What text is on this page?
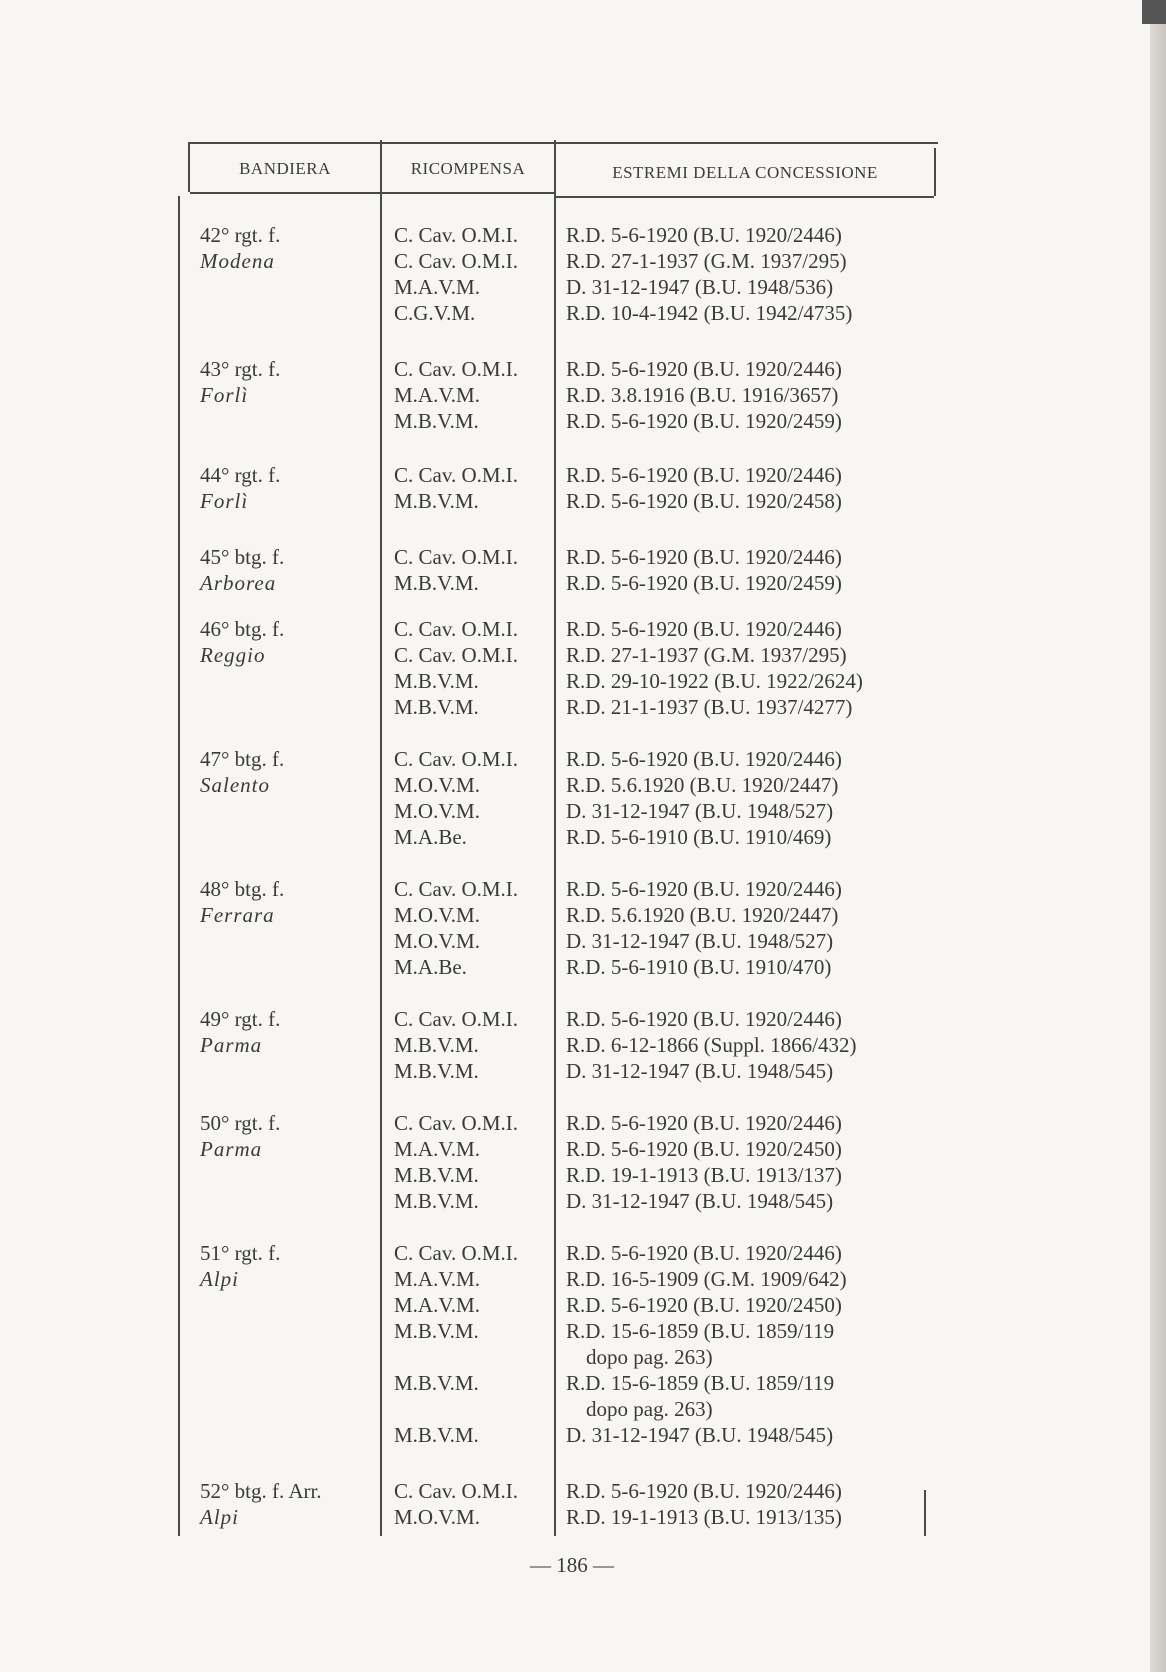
BANDIERA	RICOMPENSA	ESTREMI DELLA CONCESSIONE
42° rgt. f.
Modena
C. Cav. O.M.I.
C. Cav. O.M.I.
M.A.V.M.
C.G.V.M.
R.D. 5-6-1920 (B.U. 1920/2446)
R.D. 27-1-1937 (G.M. 1937/295)
D. 31-12-1947 (B.U. 1948/536)
R.D. 10-4-1942 (B.U. 1942/4735)
43° rgt. f.
Forlì
C. Cav. O.M.I.
M.A.V.M.
M.B.V.M.
R.D. 5-6-1920 (B.U. 1920/2446)
R.D. 3.8.1916 (B.U. 1916/3657)
R.D. 5-6-1920 (B.U. 1920/2459)
44° rgt. f.
Forlì
C. Cav. O.M.I.
M.B.V.M.
R.D. 5-6-1920 (B.U. 1920/2446)
R.D. 5-6-1920 (B.U. 1920/2458)
45° btg. f.
Arborea
C. Cav. O.M.I.
M.B.V.M.
R.D. 5-6-1920 (B.U. 1920/2446)
R.D. 5-6-1920 (B.U. 1920/2459)
46° btg. f.
Reggio
C. Cav. O.M.I.
C. Cav. O.M.I.
M.B.V.M.
M.B.V.M.
R.D. 5-6-1920 (B.U. 1920/2446)
R.D. 27-1-1937 (G.M. 1937/295)
R.D. 29-10-1922 (B.U. 1922/2624)
R.D. 21-1-1937 (B.U. 1937/4277)
47° btg. f.
Salento
C. Cav. O.M.I.
M.O.V.M.
M.O.V.M.
M.A.Be.
R.D. 5-6-1920 (B.U. 1920/2446)
R.D. 5.6.1920 (B.U. 1920/2447)
D. 31-12-1947 (B.U. 1948/527)
R.D. 5-6-1910 (B.U. 1910/469)
48° btg. f.
Ferrara
C. Cav. O.M.I.
M.O.V.M.
M.O.V.M.
M.A.Be.
R.D. 5-6-1920 (B.U. 1920/2446)
R.D. 5.6.1920 (B.U. 1920/2447)
D. 31-12-1947 (B.U. 1948/527)
R.D. 5-6-1910 (B.U. 1910/470)
49° rgt. f.
Parma
C. Cav. O.M.I.
M.B.V.M.
M.B.V.M.
R.D. 5-6-1920 (B.U. 1920/2446)
R.D. 6-12-1866 (Suppl. 1866/432)
D. 31-12-1947 (B.U. 1948/545)
50° rgt. f.
Parma
C. Cav. O.M.I.
M.A.V.M.
M.B.V.M.
M.B.V.M.
R.D. 5-6-1920 (B.U. 1920/2446)
R.D. 5-6-1920 (B.U. 1920/2450)
R.D. 19-1-1913 (B.U. 1913/137)
D. 31-12-1947 (B.U. 1948/545)
51° rgt. f.
Alpi
C. Cav. O.M.I.
M.A.V.M.
M.A.V.M.
M.B.V.M.
M.B.V.M.
M.B.V.M.
R.D. 5-6-1920 (B.U. 1920/2446)
R.D. 16-5-1909 (G.M. 1909/642)
R.D. 5-6-1920 (B.U. 1920/2450)
R.D. 15-6-1859 (B.U. 1859/119
dopo pag. 263)
R.D. 15-6-1859 (B.U. 1859/119
dopo pag. 263)
D. 31-12-1947 (B.U. 1948/545)
52° btg. f. Arr.
Alpi
C. Cav. O.M.I.
M.O.V.M.
R.D. 5-6-1920 (B.U. 1920/2446)
R.D. 19-1-1913 (B.U. 1913/135)
— 186 —
